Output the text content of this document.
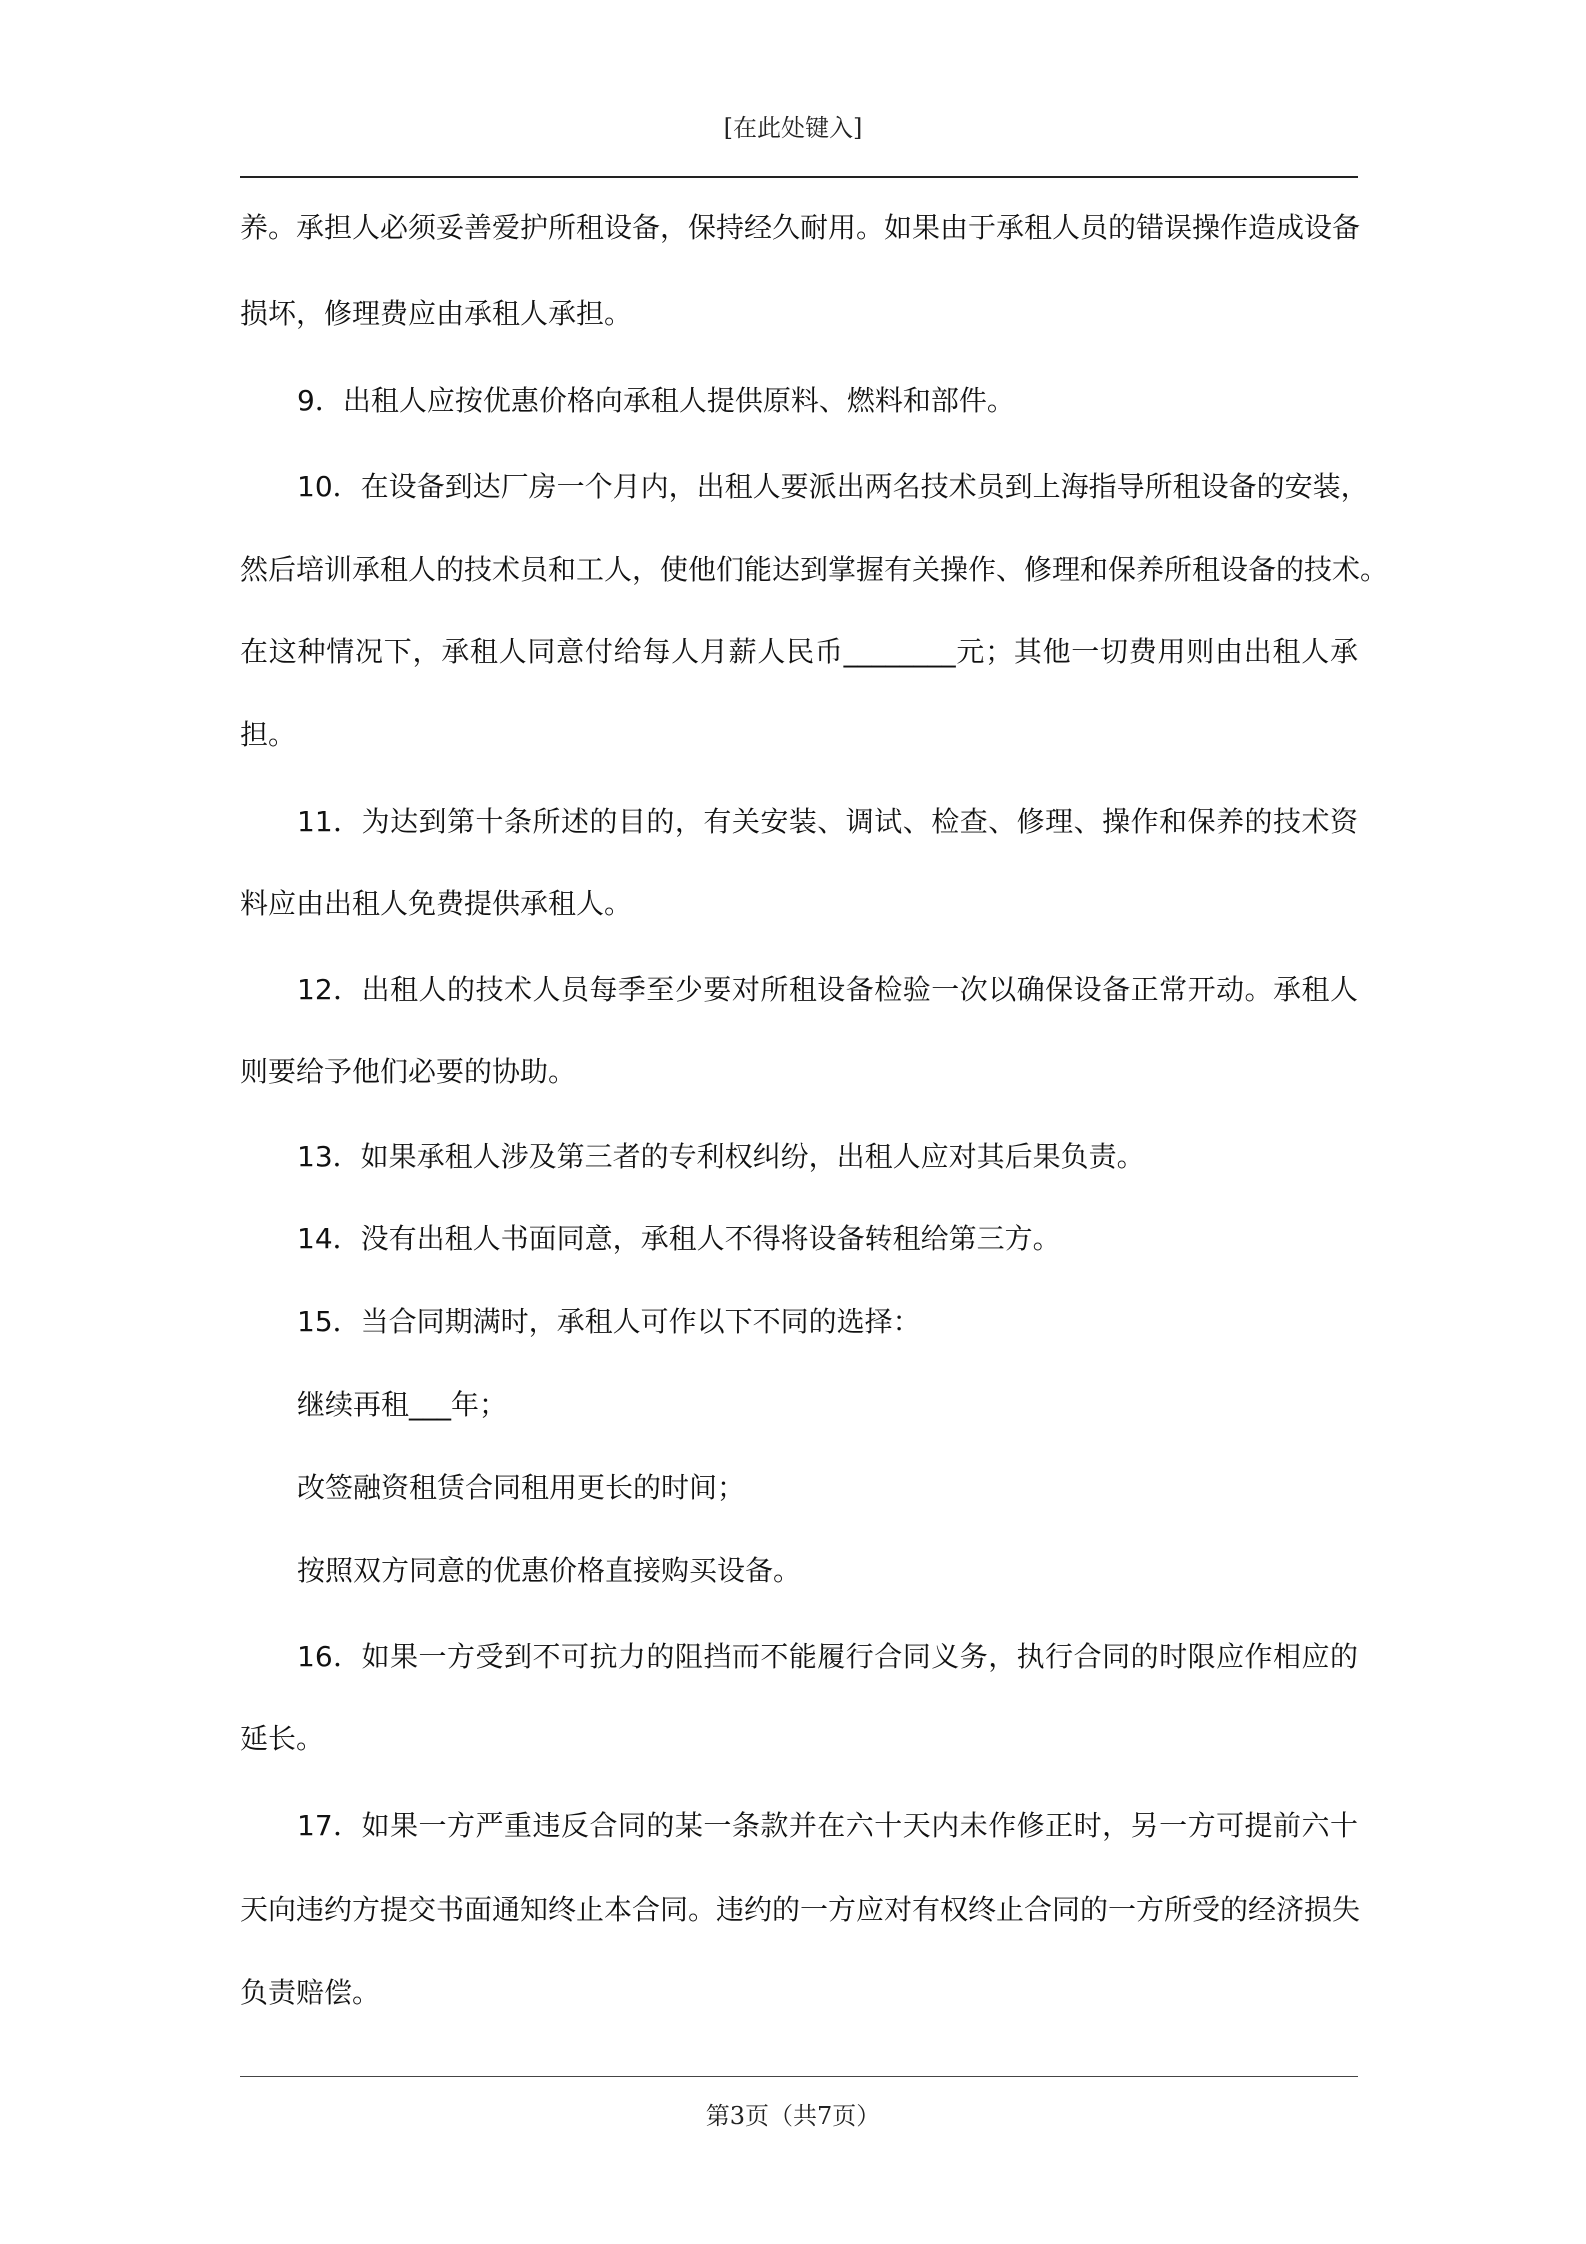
[在此处键入]
养。承担人必须妥善爱护所租设备，保持经久耐用。如果由于承租人员的错误操作造成设备
损坏，修理费应由承租人承担。
9．出租人应按优惠价格向承租人提供原料、燃料和部件。
10．在设备到达厂房一个月内，出租人要派出两名技术员到上海指导所租设备的安装，
然后培训承租人的技术员和工人，使他们能达到掌握有关操作、修理和保养所租设备的技术。
在这种情况下，承租人同意付给每人月薪人民币________元；其他一切费用则由出租人承
担。
11．为达到第十条所述的目的，有关安装、调试、检查、修理、操作和保养的技术资
料应由出租人免费提供承租人。
12．出租人的技术人员每季至少要对所租设备检验一次以确保设备正常开动。承租人
则要给予他们必要的协助。
13．如果承租人涉及第三者的专利权纠纷，出租人应对其后果负责。
14．没有出租人书面同意，承租人不得将设备转租给第三方。
15．当合同期满时，承租人可作以下不同的选择：
继续再租___年；
改签融资租赁合同租用更长的时间；
按照双方同意的优惠价格直接购买设备。
16．如果一方受到不可抗力的阻挡而不能履行合同义务，执行合同的时限应作相应的
延长。
17．如果一方严重违反合同的某一条款并在六十天内未作修正时，另一方可提前六十
天向违约方提交书面通知终止本合同。违约的一方应对有权终止合同的一方所受的经济损失
负责赔偿。
第3页（共7页）
